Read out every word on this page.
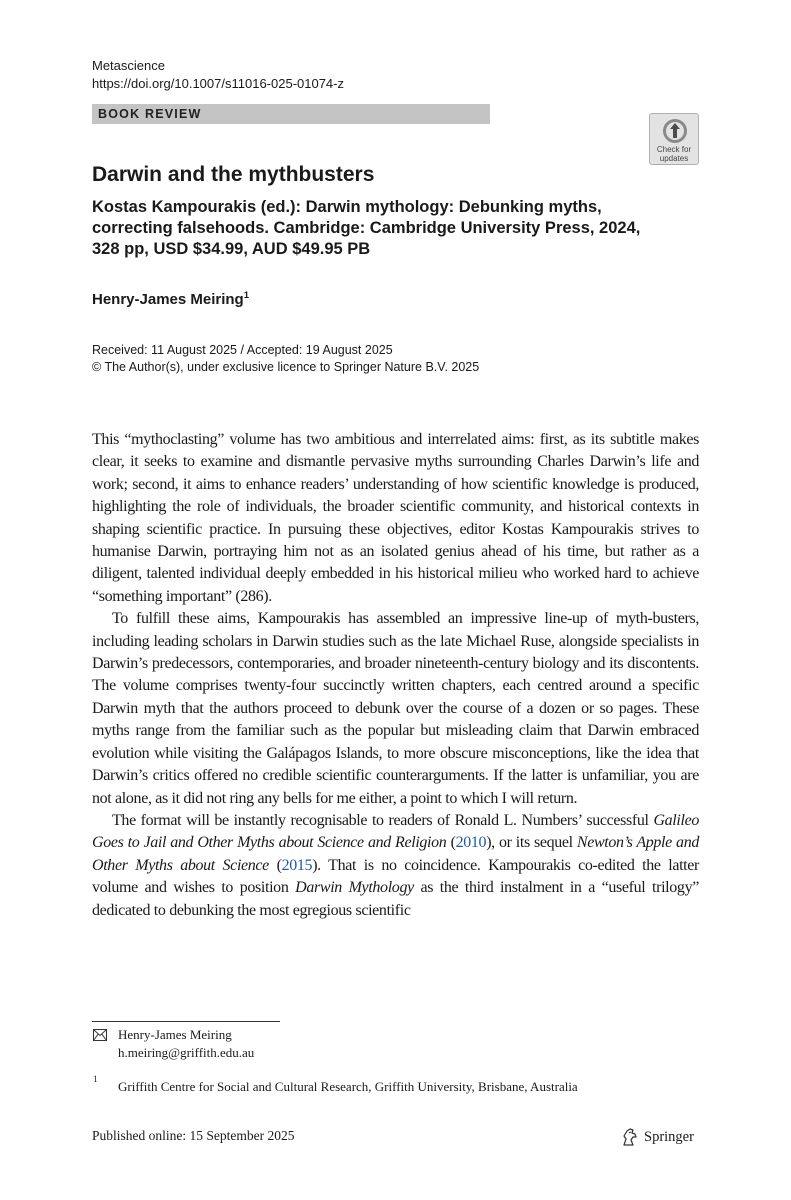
Metascience
https://doi.org/10.1007/s11016-025-01074-z
BOOK REVIEW
Check for
updates
Darwin and the mythbusters
Kostas Kampourakis (ed.): Darwin mythology: Debunking myths, correcting falsehoods. Cambridge: Cambridge University Press, 2024, 328 pp, USD $34.99, AUD $49.95 PB
Henry-James Meiring$^1$
Received: 11 August 2025 / Accepted: 19 August 2025
© The Author(s), under exclusive licence to Springer Nature B.V. 2025

This “mythoclasting” volume has two ambitious and interrelated aims: first, as its subtitle makes clear, it seeks to examine and dismantle pervasive myths surrounding Charles Darwin’s life and work; second, it aims to enhance readers’ understanding of how scientific knowledge is produced, highlighting the role of individuals, the broader scientific community, and historical contexts in shaping scientific practice. In pursuing these objectives, editor Kostas Kampourakis strives to humanise Darwin, portraying him not as an isolated genius ahead of his time, but rather as a diligent, talented individual deeply embedded in his historical milieu who worked hard to achieve “something important” (286).

To fulfill these aims, Kampourakis has assembled an impressive line-up of myth-busters, including leading scholars in Darwin studies such as the late Michael Ruse, alongside specialists in Darwin’s predecessors, contemporaries, and broader nineteenth-century biology and its discontents. The volume comprises twenty-four succinctly written chapters, each centred around a specific Darwin myth that the authors proceed to debunk over the course of a dozen or so pages. These myths range from the familiar such as the popular but misleading claim that Darwin embraced evolution while visiting the Galápagos Islands, to more obscure misconceptions, like the idea that Darwin’s critics offered no credible scientific counterarguments. If the latter is unfamiliar, you are not alone, as it did not ring any bells for me either, a point to which I will return.

The format will be instantly recognisable to readers of Ronald L. Numbers’ successful Galileo Goes to Jail and Other Myths about Science and Religion (2010), or its sequel Newton’s Apple and Other Myths about Science (2015). That is no coincidence. Kampourakis co-edited the latter volume and wishes to position Darwin Mythology as the third instalment in a “useful trilogy” dedicated to debunking the most egregious scientific

Henry-James Meiring
h.meiring@griffith.edu.au
1 Griffith Centre for Social and Cultural Research, Griffith University, Brisbane, Australia
Published online: 15 September 2025	Springer
